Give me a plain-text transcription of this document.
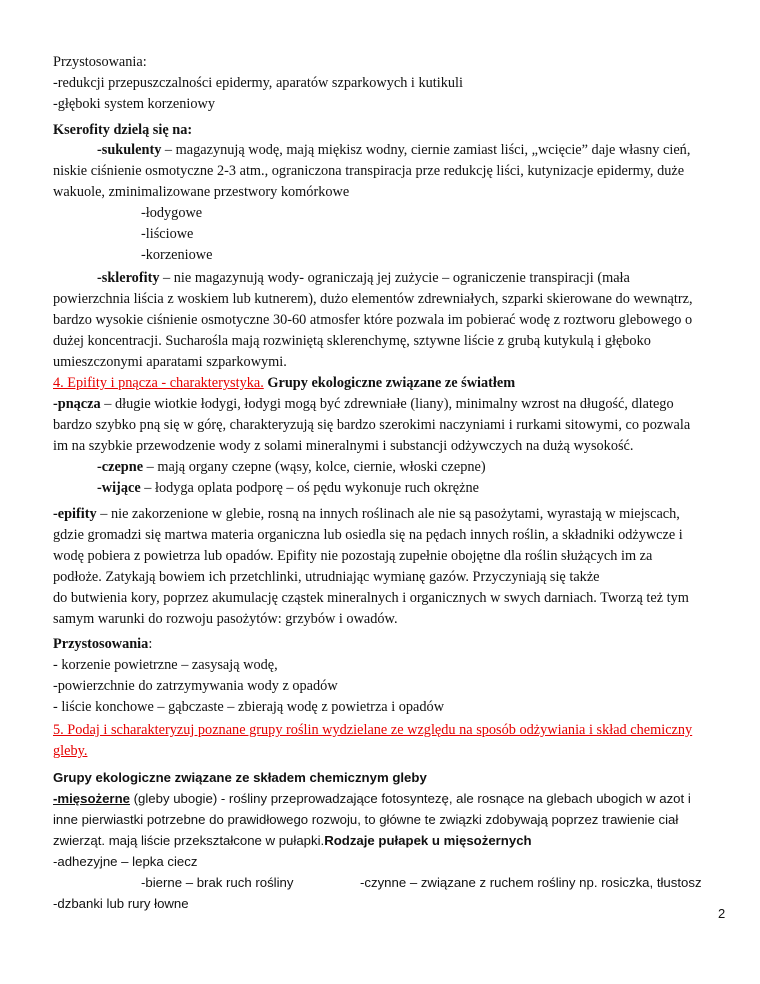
Przystosowania:
-redukcji przepuszczalności epidermy, aparatów szparkowych i kutikuli
-głęboki system korzeniowy
Kserofity dzielą się na:
-sukulenty – magazynują wodę, mają miękisz wodny, ciernie zamiast liści, „wcięcie” daje własny cień,
niskie ciśnienie osmotyczne 2-3 atm., ograniczona transpiracja prze redukcję liści, kutynizacje epidermy, duże
wakuole, zminimalizowane przestwory komórkowe
-łodygowe
-liściowe
-korzeniowe
-sklerofity – nie magazynują wody- ograniczają jej zużycie – ograniczenie transpiracji (mała
powierzchnia liścia z woskiem lub kutnerem), dużo elementów zdrewniałych, szparki skierowane do wewnątrz,
bardzo wysokie ciśnienie osmotyczne 30-60 atmosfer które pozwala im pobierać wodę z roztworu glebowego o
dużej koncentracji. Sucharośla mają rozwiniętą sklerenchymę, sztywne liście z grubą kutykulą i głęboko
umieszczonymi aparatami szparkowymi.
4. Epifity i pnącza - charakterystyka. Grupy ekologiczne związane ze światłem
-pnącza – długie wiotkie łodygi, łodygi mogą być zdrewniałe (liany), minimalny wzrost na długość, dlatego
bardzo szybko pną się w górę, charakteryzują się bardzo szerokimi naczyniami i rurkami sitowymi, co pozwala
im na szybkie przewodzenie wody z solami mineralnymi i substancji odżywczych na dużą wysokość.
-czepne – mają organy czepne (wąsy, kolce, ciernie, włoski czepne)
-wijące – łodyga oplata podporę – oś pędu wykonuje ruch okrężne
-epifity – nie zakorzenione w glebie, rosną na innych roślinach ale nie są pasożytami, wyrastają w miejscach,
gdzie gromadzi się martwa materia organiczna lub osiedla się na pędach innych roślin, a składniki odżywcze i
wodę pobiera z powietrza lub opadów. Epifity nie pozostają zupełnie obojętne dla roślin służących im za
podłoże. Zatykają bowiem ich przetchlinki, utrudniając wymianę gazów. Przyczyniają się także
do butwienia kory, poprzez akumulację cząstek mineralnych i organicznych w swych darniach. Tworzą też tym
samym warunki do rozwoju pasożytów: grzybów i owadów.
Przystosowania:
- korzenie powietrzne – zasysają wodę,
-powierzchnie do zatrzymywania wody z opadów
- liście konchowe – gąbczaste – zbierają wodę z powietrza i opadów
5. Podaj i scharakteryzuj poznane grupy roślin wydzielane ze względu na sposób odżywiania i skład chemiczny
gleby.
Grupy ekologiczne związane ze składem chemicznym gleby
-mięsożerne (gleby ubogie) - rośliny przeprowadzające fotosyntezę, ale rosnące na glebach ubogich w azot i
inne pierwiastki potrzebne do prawidłowego rozwoju, to główne te związki zdobywają poprzez trawienie ciał
zwierząt. mają liście przekształcone w pułapki.Rodzaje pułapek u mięsożernych
-adhezyjne – lepka ciecz
-bierne – brak ruch rośliny	-czynne – związane z ruchem rośliny np. rosiczka, tłustosz
-dzbanki lub rury łowne
2
